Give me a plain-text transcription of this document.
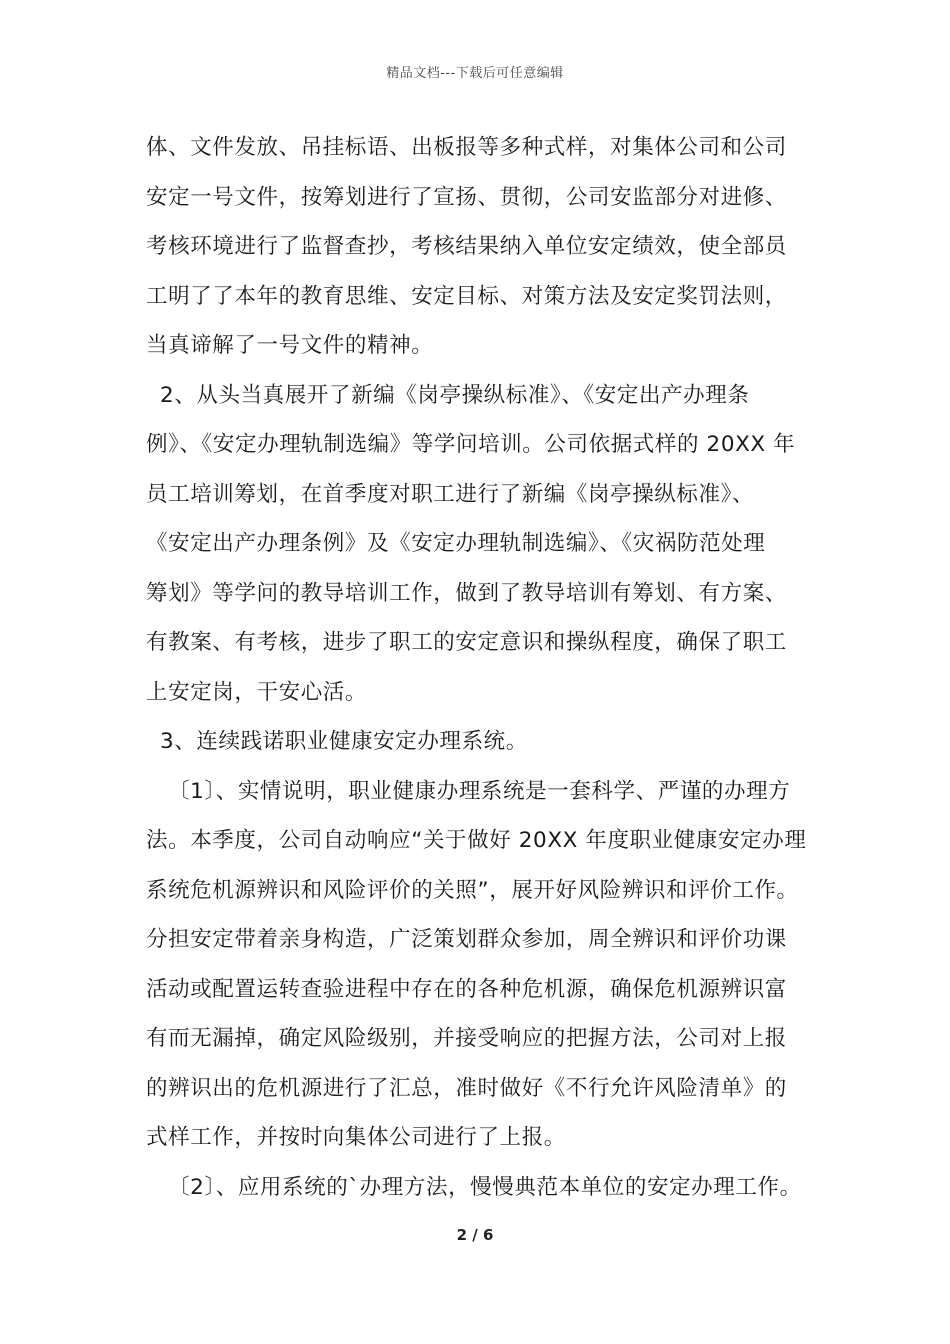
精品文档---下载后可任意编辑
体、文件发放、吊挂标语、出板报等多种式样，对集体公司和公司
安定一号文件，按筹划进行了宣扬、贯彻，公司安监部分对进修、
考核环境进行了监督查抄，考核结果纳入单位安定绩效，使全部员
工明了了本年的教育思维、安定目标、对策方法及安定奖罚法则，
当真谛解了一号文件的精神。
2、从头当真展开了新编《岗亭操纵标准》、《安定出产办理条
例》、《安定办理轨制选编》等学问培训。公司依据式样的 20XX 年
员工培训筹划，在首季度对职工进行了新编《岗亭操纵标准》、
《安定出产办理条例》及《安定办理轨制选编》、《灾祸防范处理
筹划》等学问的教导培训工作，做到了教导培训有筹划、有方案、
有教案、有考核，进步了职工的安定意识和操纵程度，确保了职工
上安定岗，干安心活。
3、连续践诺职业健康安定办理系统。
〔1〕、实情说明，职业健康办理系统是一套科学、严谨的办理方
法。本季度，公司自动响应“关于做好 20XX 年度职业健康安定办理
系统危机源辨识和风险评价的关照”，展开好风险辨识和评价工作。
分担安定带着亲身构造，广泛策划群众参加，周全辨识和评价功课
活动或配置运转查验进程中存在的各种危机源，确保危机源辨识富
有而无漏掉，确定风险级别，并接受响应的把握方法，公司对上报
的辨识出的危机源进行了汇总，准时做好《不行允许风险清单》的
式样工作，并按时向集体公司进行了上报。
〔2〕、应用系统的`办理方法，慢慢典范本单位的安定办理工作。
2 / 6
